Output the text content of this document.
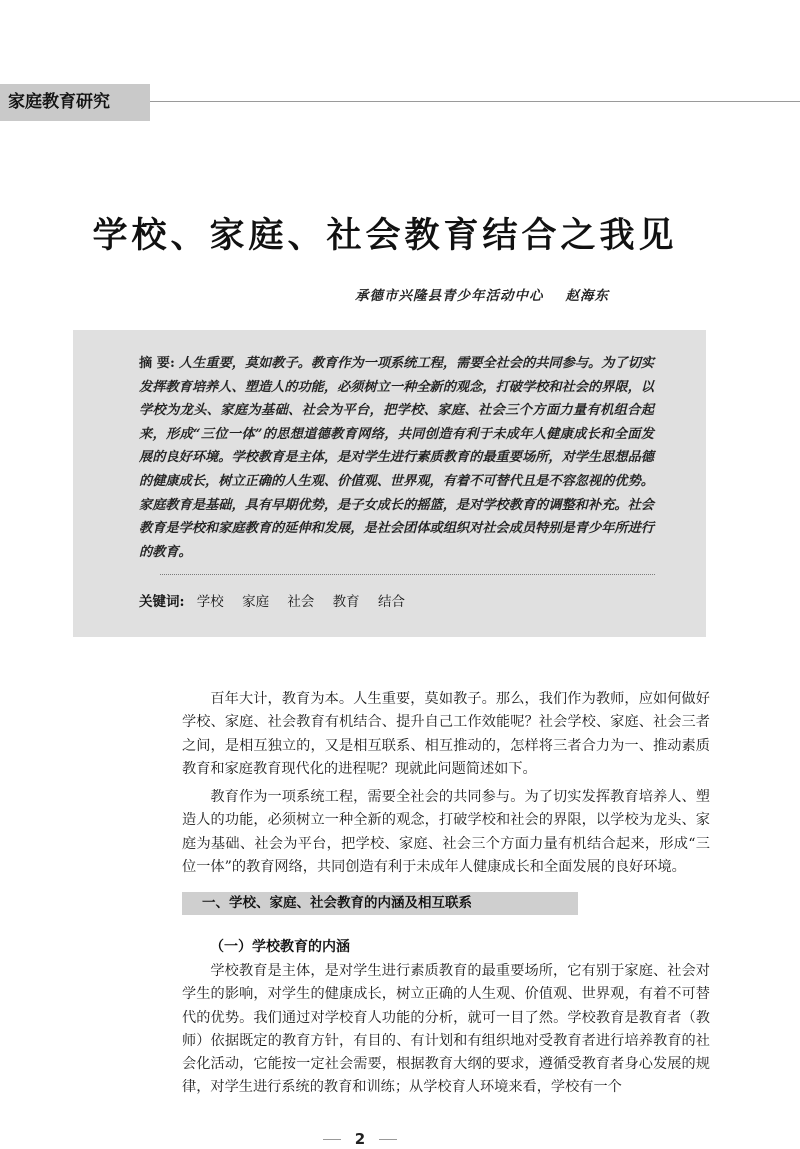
家庭教育研究
学校、家庭、社会教育结合之我见
承德市兴隆县青少年活动中心 赵海东

摘 要: 人生重要，莫如教子。教育作为一项系统工程，需要全社会的共同参与。为了切实发挥教育培养人、塑造人的功能，必须树立一种全新的观念，打破学校和社会的界限，以学校为龙头、家庭为基础、社会为平台，把学校、家庭、社会三个方面力量有机组合起来，形成“三位一体”的思想道德教育网络，共同创造有利于未成年人健康成长和全面发展的良好环境。学校教育是主体，是对学生进行素质教育的最重要场所，对学生思想品德的健康成长，树立正确的人生观、价值观、世界观，有着不可替代且是不容忽视的优势。家庭教育是基础，具有早期优势，是子女成长的摇篮，是对学校教育的调整和补充。社会教育是学校和家庭教育的延伸和发展，是社会团体或组织对社会成员特别是青少年所进行的教育。

关键词: 学校 家庭 社会 教育 结合

百年大计，教育为本。人生重要，莫如教子。那么，我们作为教师，应如何做好学校、家庭、社会教育有机结合、提升自己工作效能呢？社会学校、家庭、社会三者之间，是相互独立的，又是相互联系、相互推动的，怎样将三者合力为一、推动素质教育和家庭教育现代化的进程呢？现就此问题简述如下。

教育作为一项系统工程，需要全社会的共同参与。为了切实发挥教育培养人、塑造人的功能，必须树立一种全新的观念，打破学校和社会的界限，以学校为龙头、家庭为基础、社会为平台，把学校、家庭、社会三个方面力量有机结合起来，形成“三位一体”的教育网络，共同创造有利于未成年人健康成长和全面发展的良好环境。

一、学校、家庭、社会教育的内涵及相互联系
（一）学校教育的内涵

学校教育是主体，是对学生进行素质教育的最重要场所，它有别于家庭、社会对学生的影响，对学生的健康成长，树立正确的人生观、价值观、世界观，有着不可替代的优势。我们通过对学校育人功能的分析，就可一目了然。学校教育是教育者（教师）依据既定的教育方针，有目的、有计划和有组织地对受教育者进行培养教育的社会化活动，它能按一定社会需要，根据教育大纲的要求，遵循受教育者身心发展的规律，对学生进行系统的教育和训练；从学校育人环境来看，学校有一个

2
